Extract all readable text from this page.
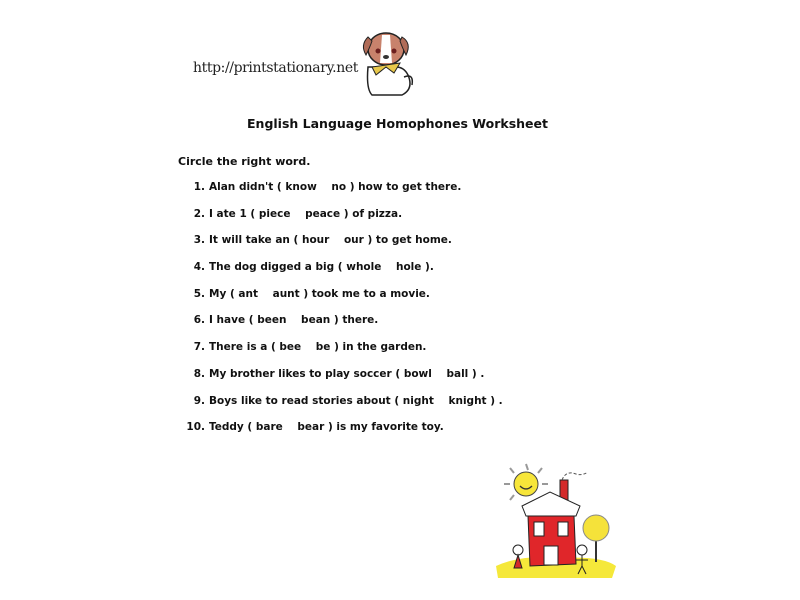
http://printstationary.net
English Language Homophones Worksheet
Circle the right word.
1. Alan didn't ( know    no ) how to get there.
2. I ate 1 ( piece    peace ) of pizza.
3. It will take an ( hour    our ) to get home.
4. The dog digged a big ( whole    hole ).
5. My ( ant    aunt ) took me to a movie.
6. I have ( been    bean ) there.
7. There is a ( bee    be ) in the garden.
8. My brother likes to play soccer ( bowl    ball ) .
9. Boys like to read stories about ( night    knight ) .
10. Teddy ( bare    bear ) is my favorite toy.
